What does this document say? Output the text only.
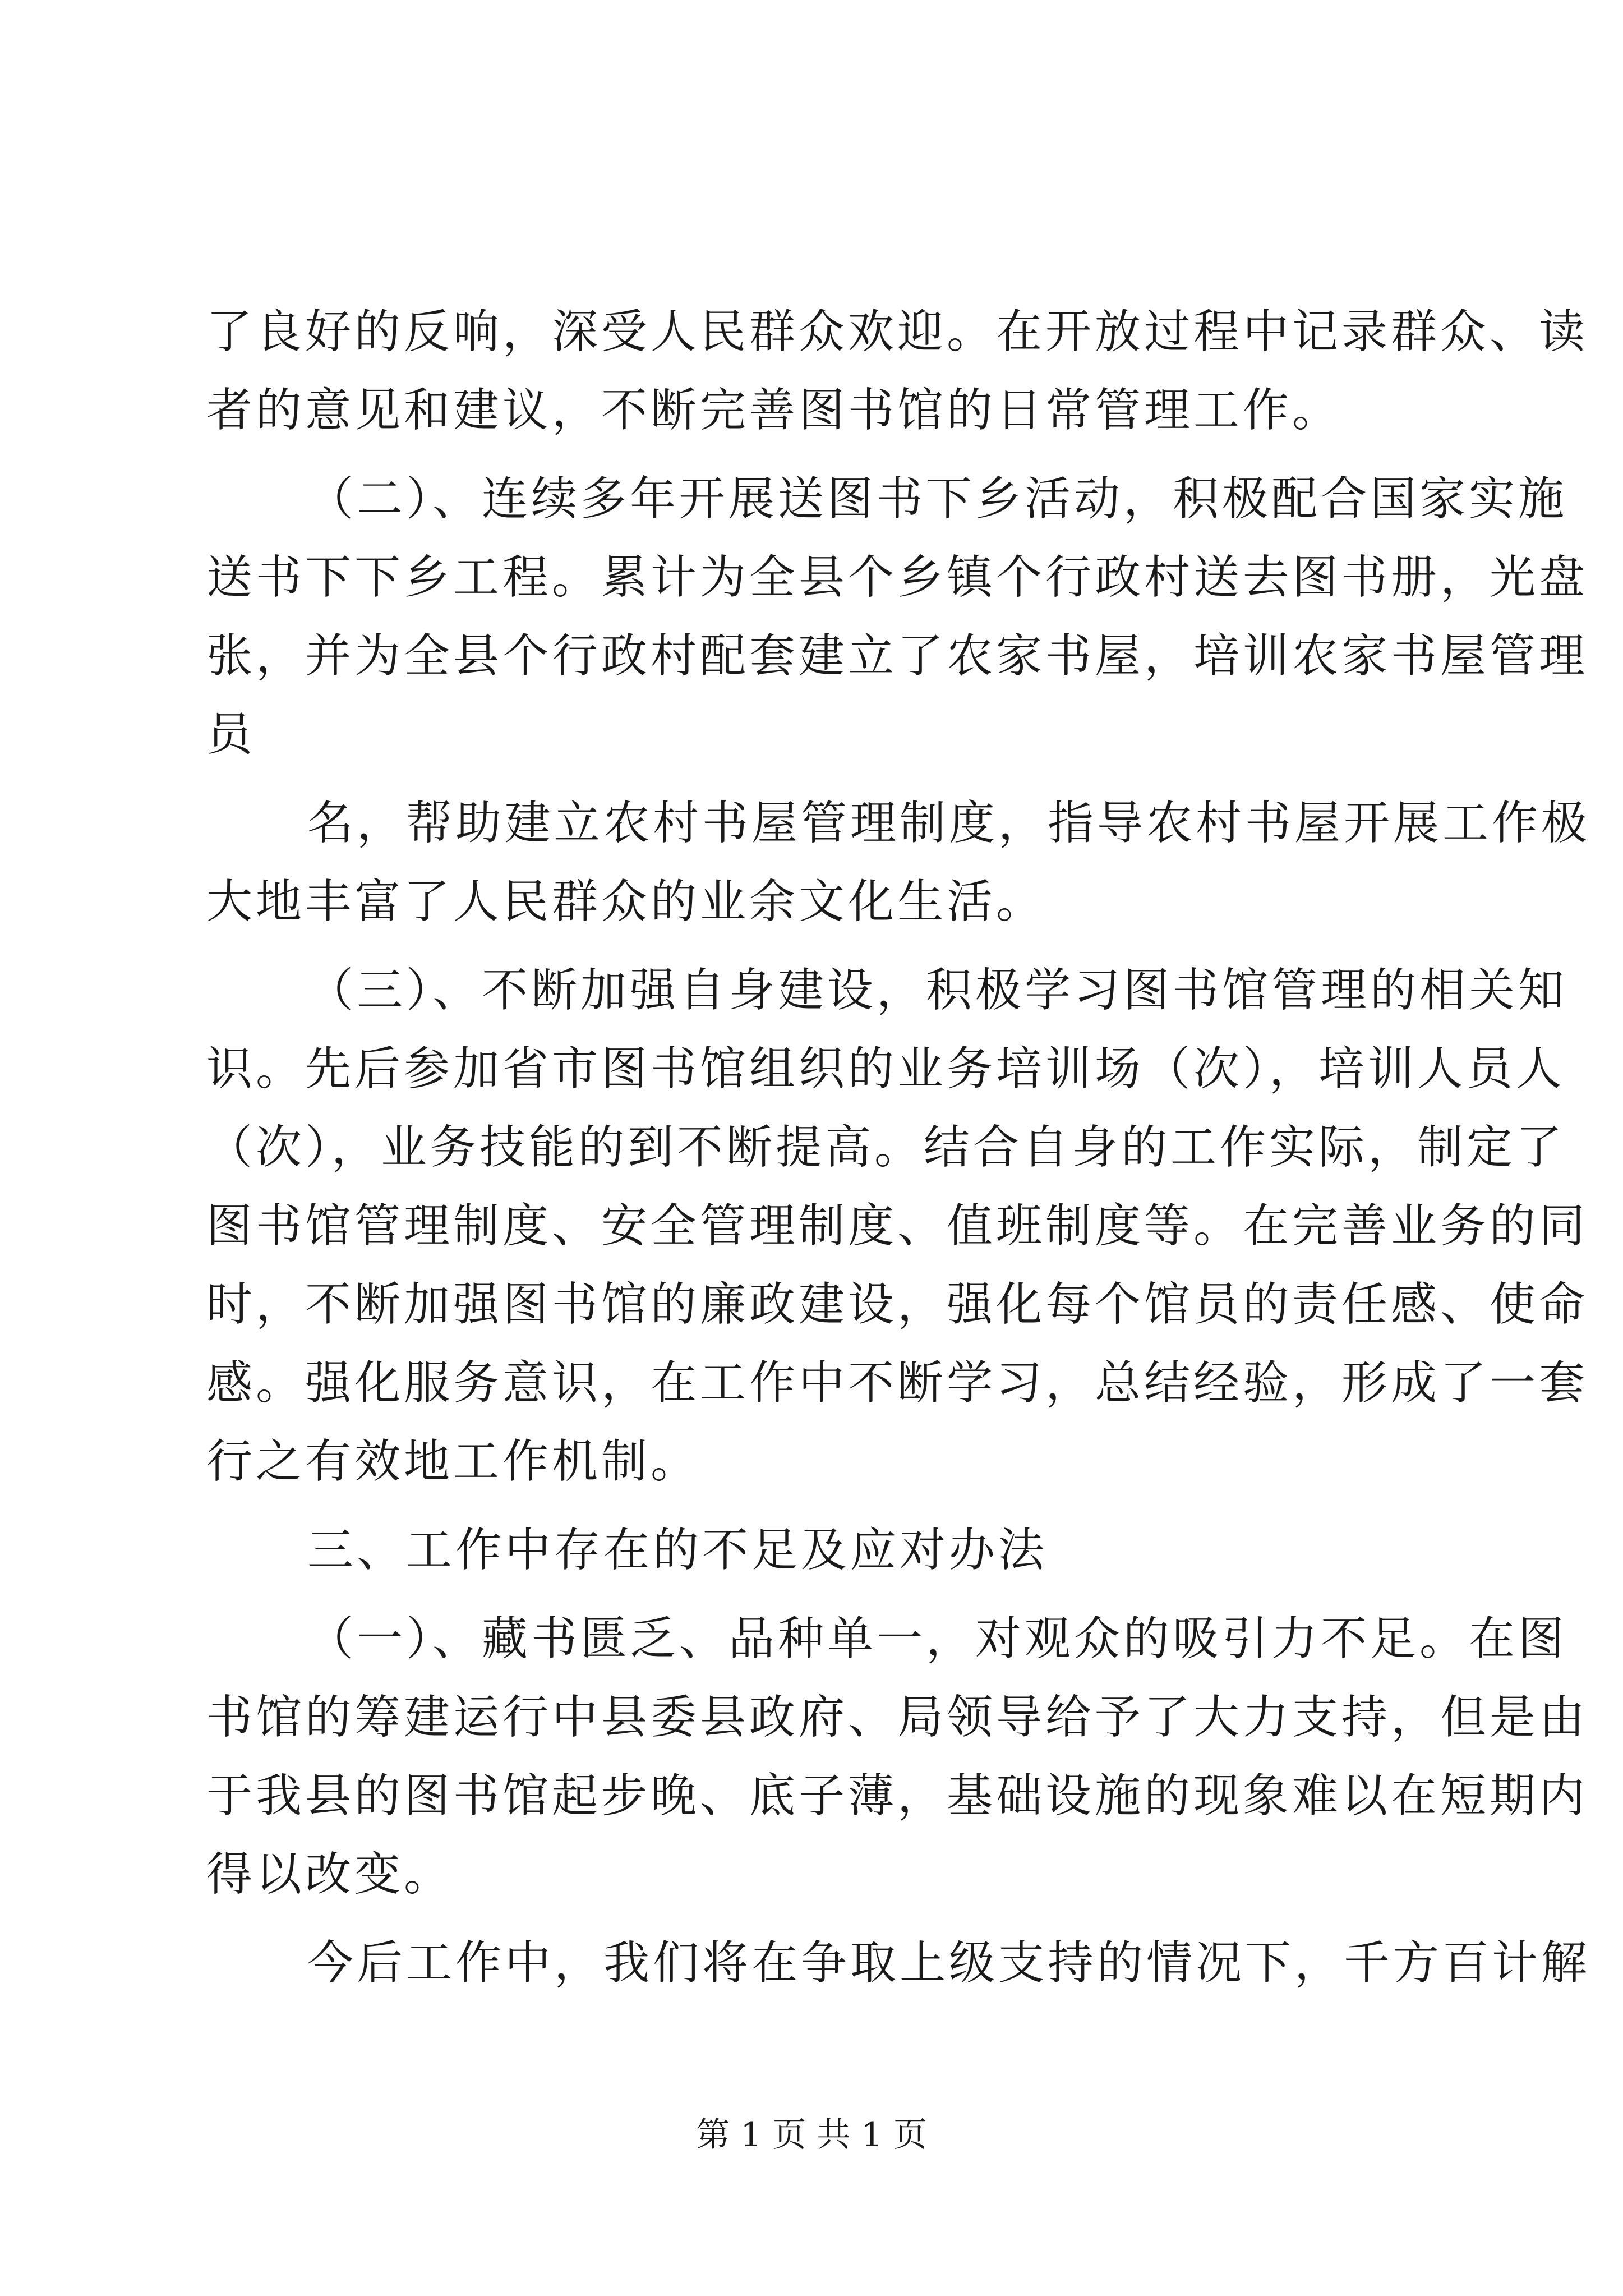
了良好的反响，深受人民群众欢迎。在开放过程中记录群众、读
者的意见和建议，不断完善图书馆的日常管理工作。
（二）、连续多年开展送图书下乡活动，积极配合国家实施
送书下下乡工程。累计为全县个乡镇个行政村送去图书册，光盘
张，并为全县个行政村配套建立了农家书屋，培训农家书屋管理
员
名，帮助建立农村书屋管理制度，指导农村书屋开展工作极
大地丰富了人民群众的业余文化生活。
（三）、不断加强自身建设，积极学习图书馆管理的相关知
识。先后参加省市图书馆组织的业务培训场（次），培训人员人
（次），业务技能的到不断提高。结合自身的工作实际，制定了
图书馆管理制度、安全管理制度、值班制度等。在完善业务的同
时，不断加强图书馆的廉政建设，强化每个馆员的责任感、使命
感。强化服务意识，在工作中不断学习，总结经验，形成了一套
行之有效地工作机制。
三、工作中存在的不足及应对办法
（一）、藏书匮乏、品种单一，对观众的吸引力不足。在图
书馆的筹建运行中县委县政府、局领导给予了大力支持，但是由
于我县的图书馆起步晚、底子薄，基础设施的现象难以在短期内
得以改变。
今后工作中，我们将在争取上级支持的情况下，千方百计解
第 1 页 共 1 页
